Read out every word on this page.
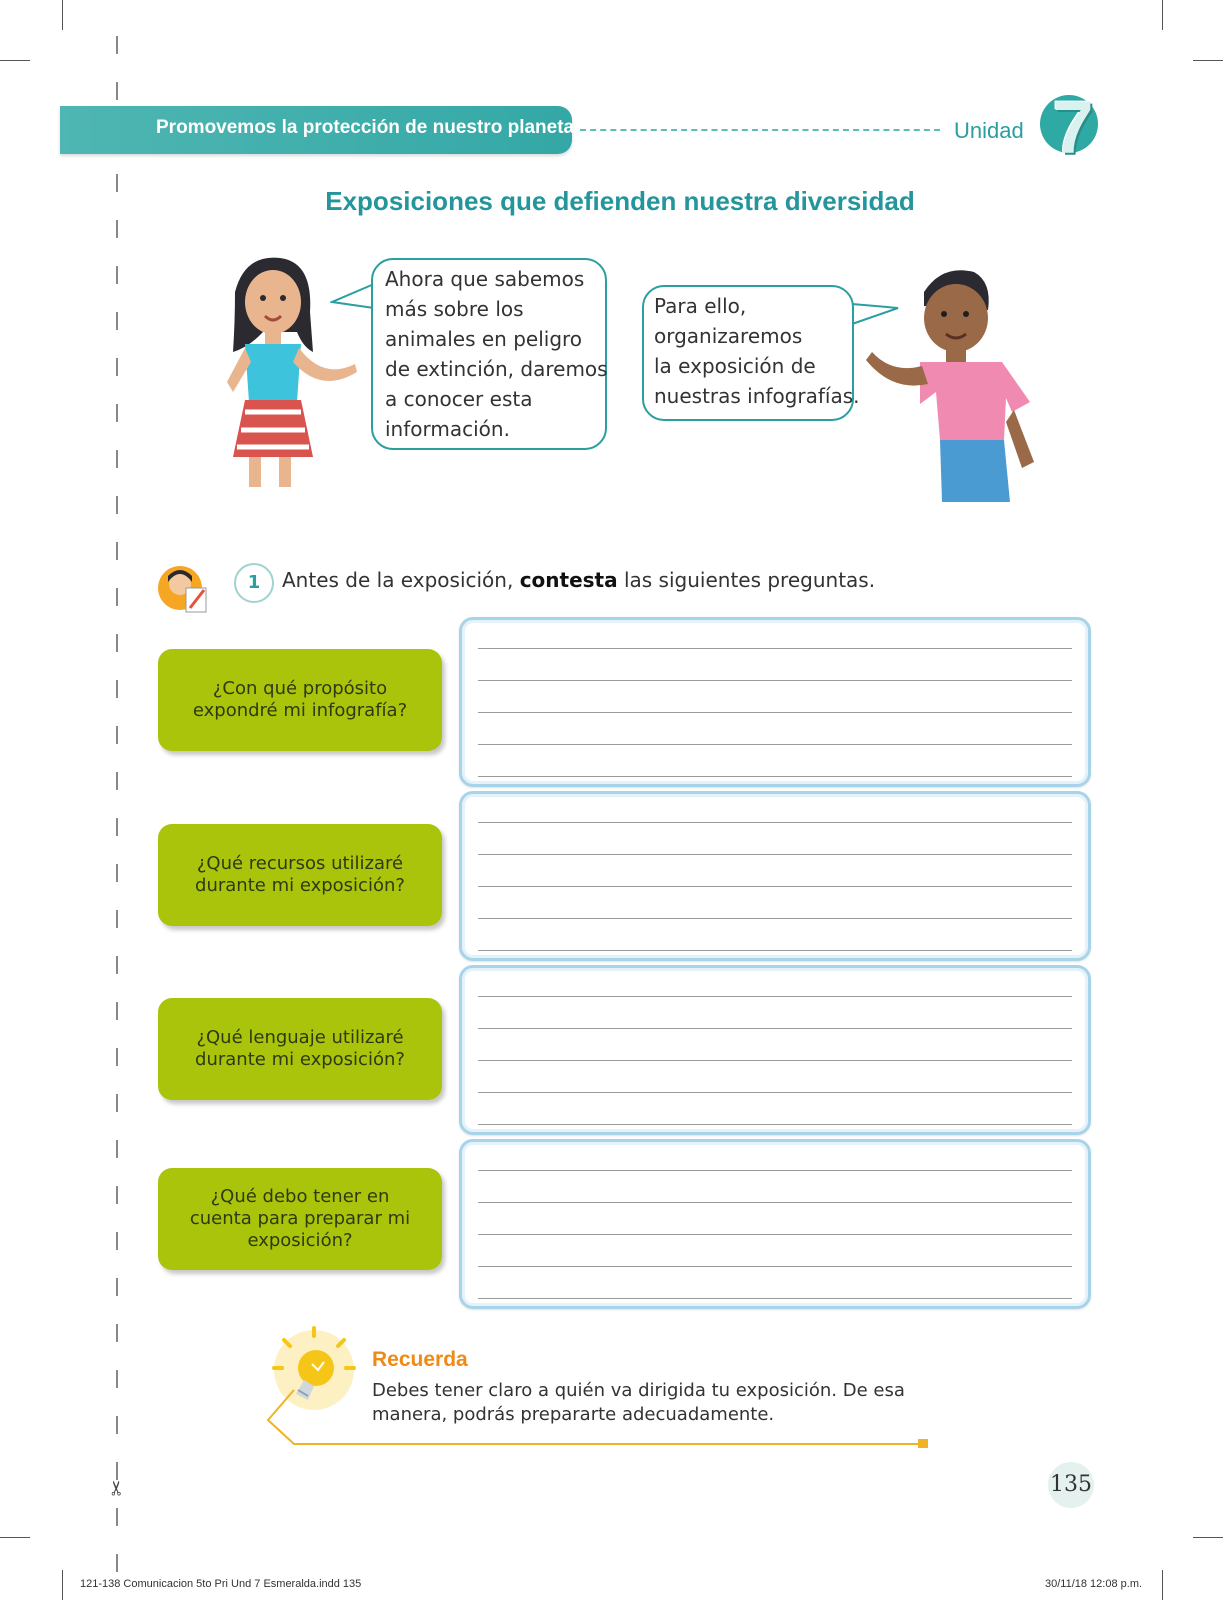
✂
Promovemos la protección de nuestro planeta	Unidad 7
Exposiciones que defienden nuestra diversidad
Ahora que sabemos
más sobre los
animales en peligro
de extinción, daremos
a conocer esta
información.
Para ello,
organizaremos
la exposición de
nuestras infografías.
1	Antes de la exposición, contesta las siguientes preguntas.
¿Con qué propósito expondré mi infografía?
¿Qué recursos utilizaré durante mi exposición?
¿Qué lenguaje utilizaré durante mi exposición?
¿Qué debo tener en cuenta para preparar mi exposición?
Recuerda
Debes tener claro a quién va dirigida tu exposición. De esa manera, podrás prepararte adecuadamente.
135
121-138 Comunicacion 5to Pri Und 7 Esmeralda.indd 135	30/11/18 12:08 p.m.
